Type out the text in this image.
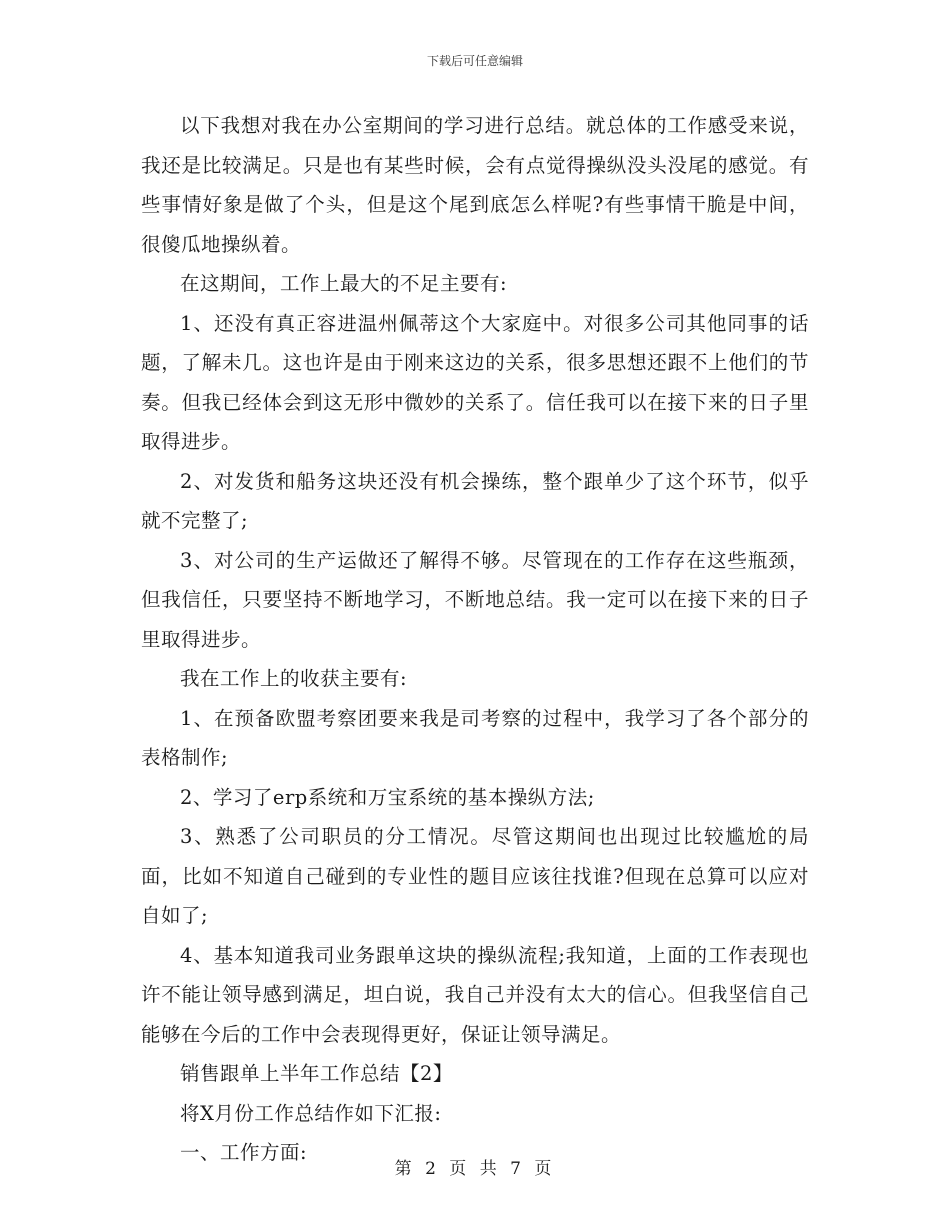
下载后可任意编辑

以下我想对我在办公室期间的学习进行总结。就总体的工作感受来说，我还是比较满足。只是也有某些时候，会有点觉得操纵没头没尾的感觉。有些事情好象是做了个头，但是这个尾到底怎么样呢?有些事情干脆是中间，很傻瓜地操纵着。

在这期间，工作上最大的不足主要有:

1、还没有真正容进温州佩蒂这个大家庭中。对很多公司其他同事的话题，了解未几。这也许是由于刚来这边的关系，很多思想还跟不上他们的节奏。但我已经体会到这无形中微妙的关系了。信任我可以在接下来的日子里取得进步。

2、对发货和船务这块还没有机会操练，整个跟单少了这个环节，似乎就不完整了;

3、对公司的生产运做还了解得不够。尽管现在的工作存在这些瓶颈，但我信任，只要坚持不断地学习，不断地总结。我一定可以在接下来的日子里取得进步。

我在工作上的收获主要有:

1、在预备欧盟考察团要来我是司考察的过程中，我学习了各个部分的表格制作;

2、学习了erp系统和万宝系统的基本操纵方法;

3、熟悉了公司职员的分工情况。尽管这期间也出现过比较尴尬的局面，比如不知道自己碰到的专业性的题目应该往找谁?但现在总算可以应对自如了;

4、基本知道我司业务跟单这块的操纵流程;我知道，上面的工作表现也许不能让领导感到满足，坦白说，我自己并没有太大的信心。但我坚信自己能够在今后的工作中会表现得更好，保证让领导满足。

销售跟单上半年工作总结【2】

将X月份工作总结作如下汇报:

一、工作方面:

第 2 页 共 7 页
